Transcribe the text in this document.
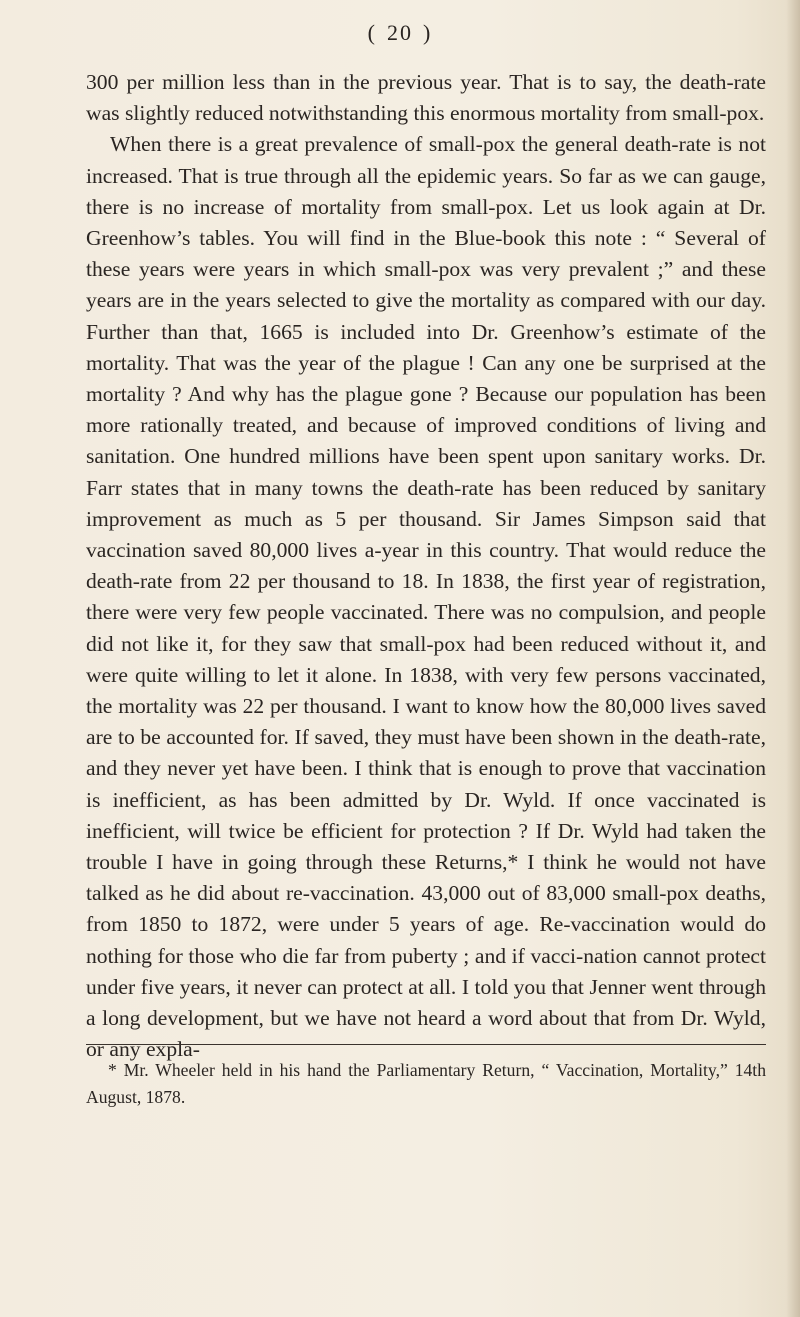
( 20 )

300 per million less than in the previous year. That is to say, the death-rate was slightly reduced notwithstanding this enormous mortality from small-pox.

When there is a great prevalence of small-pox the general death-rate is not increased. That is true through all the epidemic years. So far as we can gauge, there is no increase of mortality from small-pox. Let us look again at Dr. Greenhow’s tables. You will find in the Blue-book this note : “ Several of these years were years in which small-pox was very prevalent ;” and these years are in the years selected to give the mortality as compared with our day. Further than that, 1665 is included into Dr. Greenhow’s estimate of the mortality. That was the year of the plague ! Can any one be surprised at the mortality ? And why has the plague gone ? Because our population has been more rationally treated, and because of improved conditions of living and sanitation. One hundred millions have been spent upon sanitary works. Dr. Farr states that in many towns the death-rate has been reduced by sanitary improvement as much as 5 per thousand. Sir James Simpson said that vaccination saved 80,000 lives a-year in this country. That would reduce the death-rate from 22 per thousand to 18. In 1838, the first year of registration, there were very few people vaccinated. There was no compulsion, and people did not like it, for they saw that small-pox had been reduced without it, and were quite willing to let it alone. In 1838, with very few persons vaccinated, the mortality was 22 per thousand. I want to know how the 80,000 lives saved are to be accounted for. If saved, they must have been shown in the death-rate, and they never yet have been. I think that is enough to prove that vaccination is inefficient, as has been admitted by Dr. Wyld. If once vaccinated is inefficient, will twice be efficient for protection ? If Dr. Wyld had taken the trouble I have in going through these Returns,* I think he would not have talked as he did about re-vaccination. 43,000 out of 83,000 small-pox deaths, from 1850 to 1872, were under 5 years of age. Re-vaccination would do nothing for those who die far from puberty ; and if vacci-nation cannot protect under five years, it never can protect at all. I told you that Jenner went through a long development, but we have not heard a word about that from Dr. Wyld, or any expla-

* Mr. Wheeler held in his hand the Parliamentary Return, “ Vaccination, Mortality,” 14th August, 1878.
